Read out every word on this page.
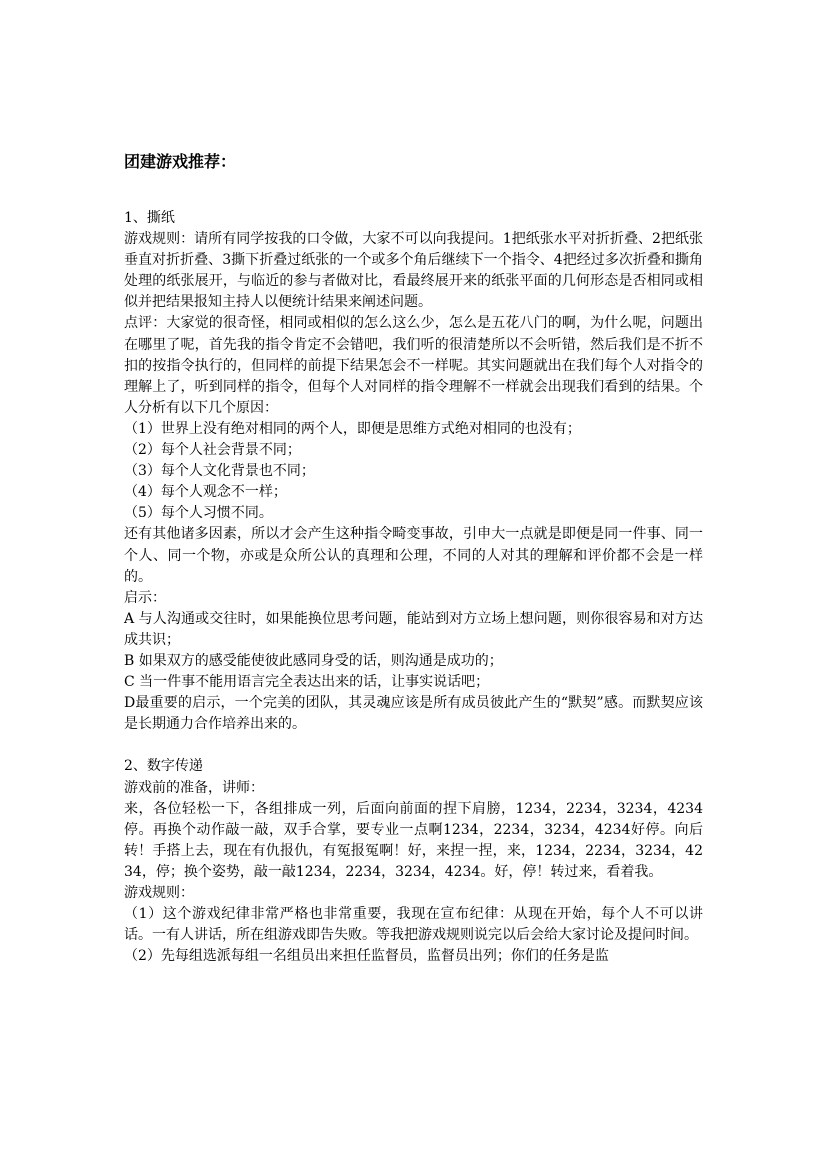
团建游戏推荐：

1、撕纸

游戏规则：请所有同学按我的口令做，大家不可以向我提问。1把纸张水平对折折叠、2把纸张垂直对折折叠、3撕下折叠过纸张的一个或多个角后继续下一个指令、4把经过多次折叠和撕角处理的纸张展开，与临近的参与者做对比，看最终展开来的纸张平面的几何形态是否相同或相似并把结果报知主持人以便统计结果来阐述问题。

点评：大家觉的很奇怪，相同或相似的怎么这么少，怎么是五花八门的啊，为什么呢，问题出在哪里了呢，首先我的指令肯定不会错吧，我们听的很清楚所以不会听错，然后我们是不折不扣的按指令执行的，但同样的前提下结果怎会不一样呢。其实问题就出在我们每个人对指令的理解上了，听到同样的指令，但每个人对同样的指令理解不一样就会出现我们看到的结果。个人分析有以下几个原因：

（1）世界上没有绝对相同的两个人，即便是思维方式绝对相同的也没有；

（2）每个人社会背景不同；

（3）每个人文化背景也不同；

（4）每个人观念不一样；

（5）每个人习惯不同。

还有其他诸多因素，所以才会产生这种指令畸变事故，引申大一点就是即便是同一件事、同一个人、同一个物，亦或是众所公认的真理和公理，不同的人对其的理解和评价都不会是一样的。

启示：

A 与人沟通或交往时，如果能换位思考问题，能站到对方立场上想问题，则你很容易和对方达成共识；

B 如果双方的感受能使彼此感同身受的话，则沟通是成功的；

C 当一件事不能用语言完全表达出来的话，让事实说话吧；

D最重要的启示，一个完美的团队，其灵魂应该是所有成员彼此产生的“默契”感。而默契应该是长期通力合作培养出来的。

2、数字传递

游戏前的准备，讲师：

来，各位轻松一下，各组排成一列，后面向前面的捏下肩膀，1234，2234，3234，4234停。再换个动作敲一敲，双手合掌，要专业一点啊1234，2234，3234，4234好停。向后转！手搭上去，现在有仇报仇，有冤报冤啊！好，来捏一捏，来，1234，2234，3234，4234，停；换个姿势，敲一敲1234，2234，3234，4234。好，停！转过来，看着我。

游戏规则：

（1）这个游戏纪律非常严格也非常重要，我现在宣布纪律：从现在开始，每个人不可以讲话。一有人讲话，所在组游戏即告失败。等我把游戏规则说完以后会给大家讨论及提问时间。

（2）先每组选派每组一名组员出来担任监督员，监督员出列；你们的任务是监
